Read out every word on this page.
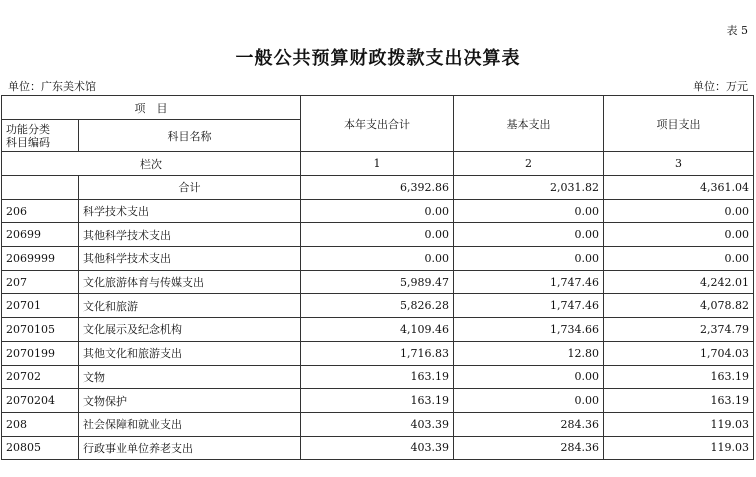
表 5
一般公共预算财政拨款支出决算表
单位：广东美术馆	单位：万元
项　目		本年支出合计	基本支出	项目支出
功能分类
科目编码	科目名称			
栏次		1	2	3
	合计	6,392.86	2,031.82	4,361.04
206	科学技术支出	0.00	0.00	0.00
20699	其他科学技术支出	0.00	0.00	0.00
2069999	其他科学技术支出	0.00	0.00	0.00
207	文化旅游体育与传媒支出	5,989.47	1,747.46	4,242.01
20701	文化和旅游	5,826.28	1,747.46	4,078.82
2070105	文化展示及纪念机构	4,109.46	1,734.66	2,374.79
2070199	其他文化和旅游支出	1,716.83	12.80	1,704.03
20702	文物	163.19	0.00	163.19
2070204	文物保护	163.19	0.00	163.19
208	社会保障和就业支出	403.39	284.36	119.03
20805	行政事业单位养老支出	403.39	284.36	119.03
